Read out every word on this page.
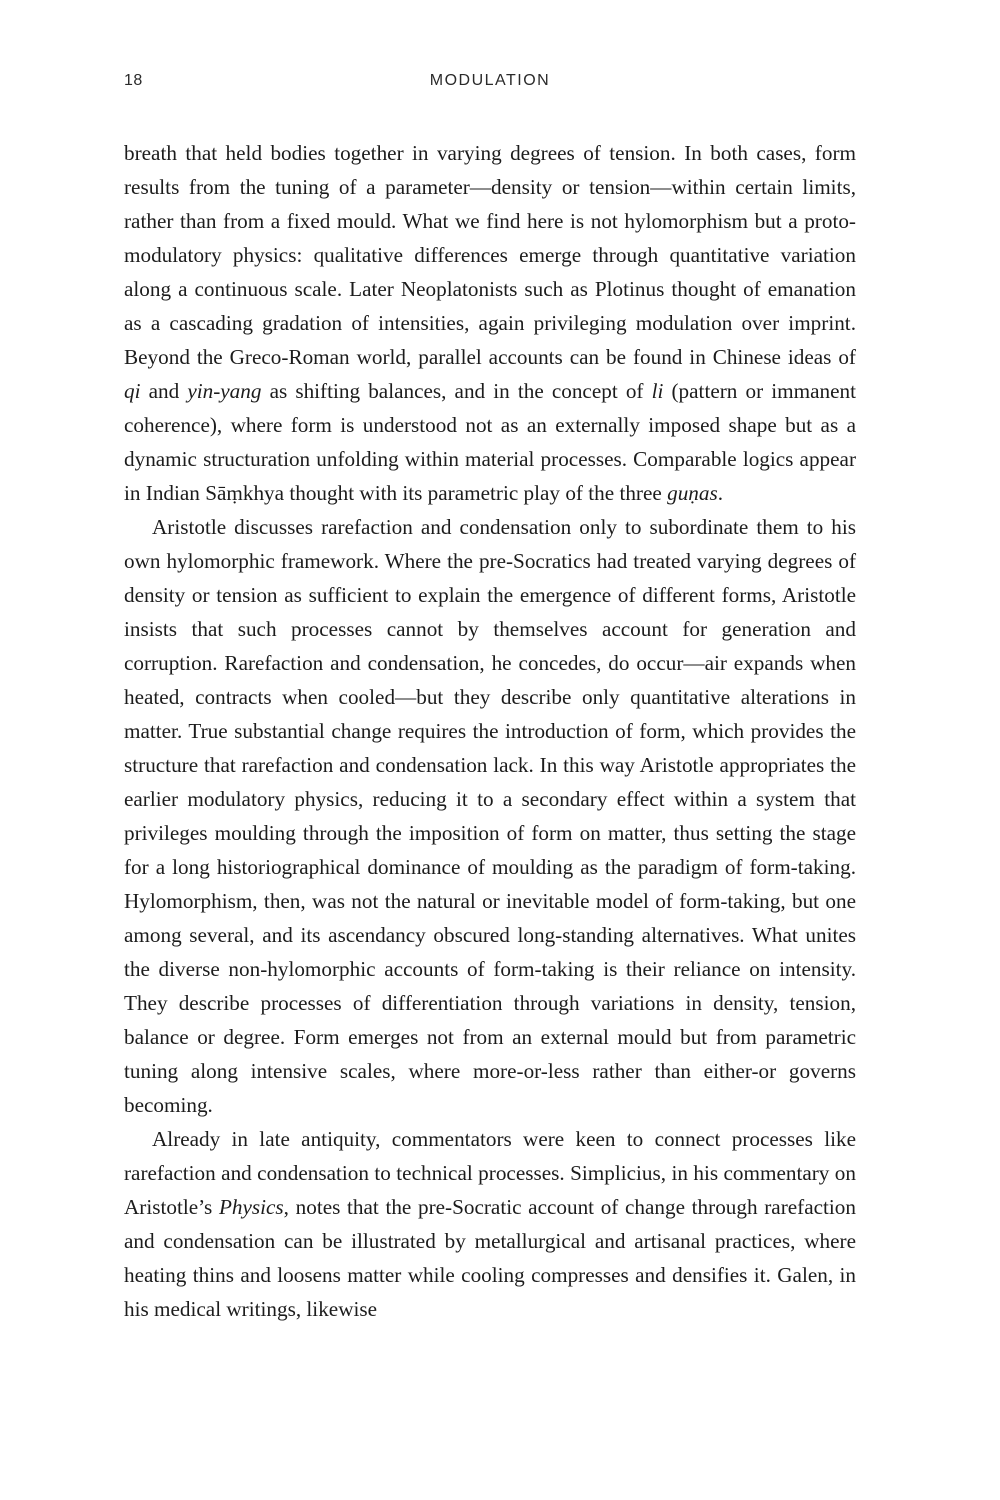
18	MODULATION

breath that held bodies together in varying degrees of tension. In both cases, form results from the tuning of a parameter—density or tension—within certain limits, rather than from a fixed mould. What we find here is not hylomorphism but a proto-modulatory physics: qualitative differences emerge through quantitative variation along a continuous scale. Later Neoplatonists such as Plotinus thought of emanation as a cascading gradation of intensities, again privileging modulation over imprint. Beyond the Greco-Roman world, parallel accounts can be found in Chinese ideas of qi and yin-yang as shifting balances, and in the concept of li (pattern or immanent coherence), where form is understood not as an externally imposed shape but as a dynamic structuration unfolding within material processes. Comparable logics appear in Indian Sāṃkhya thought with its parametric play of the three guṇas.

Aristotle discusses rarefaction and condensation only to subordinate them to his own hylomorphic framework. Where the pre-Socratics had treated varying degrees of density or tension as sufficient to explain the emergence of different forms, Aristotle insists that such processes cannot by themselves account for generation and corruption. Rarefaction and condensation, he concedes, do occur—air expands when heated, contracts when cooled—but they describe only quantitative alterations in matter. True substantial change requires the introduction of form, which provides the structure that rarefaction and condensation lack. In this way Aristotle appropriates the earlier modulatory physics, reducing it to a secondary effect within a system that privileges moulding through the imposition of form on matter, thus setting the stage for a long historiographical dominance of moulding as the paradigm of form-taking. Hylomorphism, then, was not the natural or inevitable model of form-taking, but one among several, and its ascendancy obscured long-standing alternatives. What unites the diverse non-hylomorphic accounts of form-taking is their reliance on intensity. They describe processes of differentiation through variations in density, tension, balance or degree. Form emerges not from an external mould but from parametric tuning along intensive scales, where more-or-less rather than either-or governs becoming.

Already in late antiquity, commentators were keen to connect processes like rarefaction and condensation to technical processes. Simplicius, in his commentary on Aristotle’s Physics, notes that the pre-Socratic account of change through rarefaction and condensation can be illustrated by metallurgical and artisanal practices, where heating thins and loosens matter while cooling compresses and densifies it. Galen, in his medical writings, likewise
